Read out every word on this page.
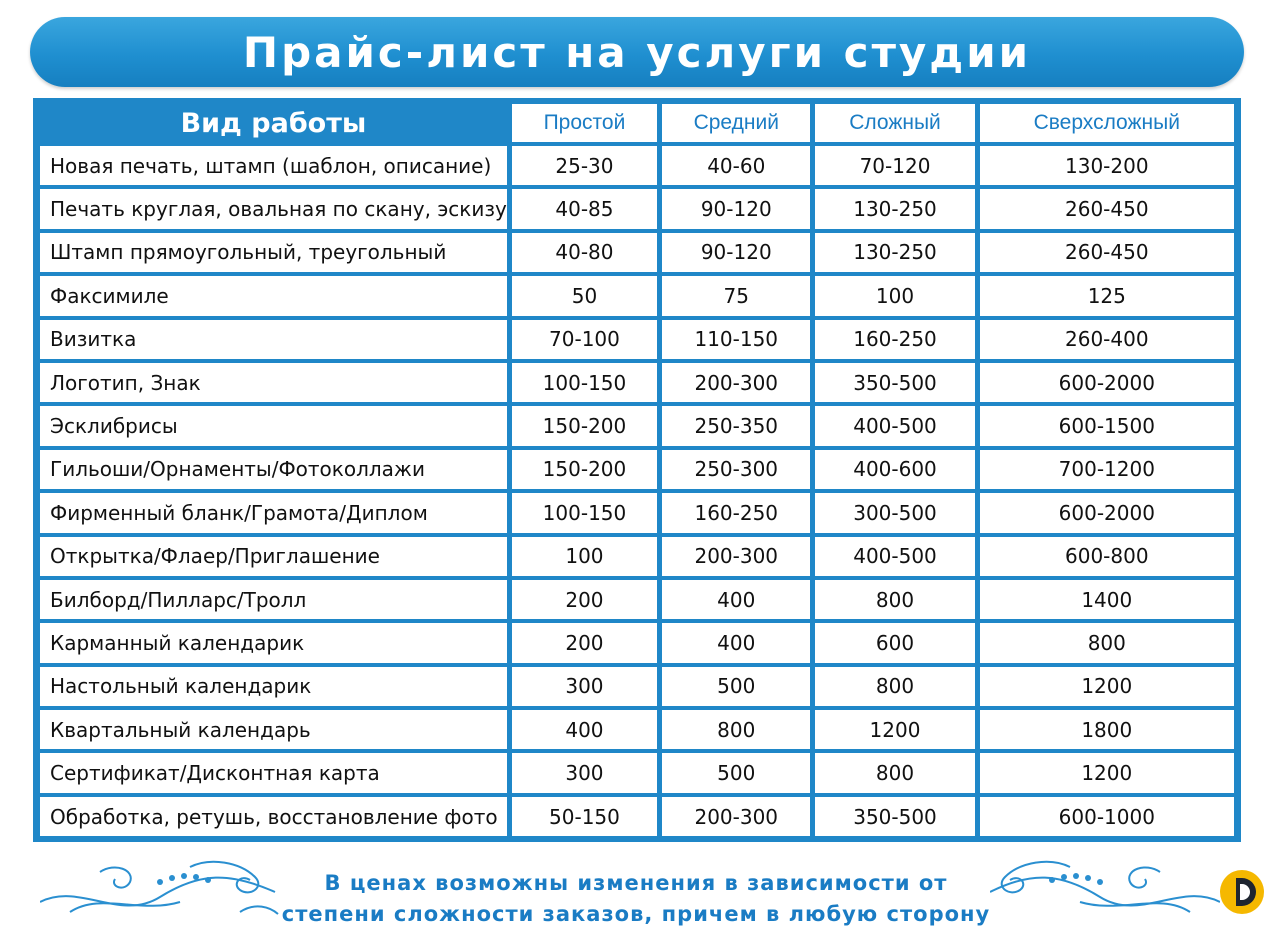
Прайс-лист на услуги студии
Вид работы	Простой	Средний	Сложный	Сверхсложный
Новая печать, штамп (шаблон, описание)	25-30	40-60	70-120	130-200
Печать круглая, овальная по скану, эскизу	40-85	90-120	130-250	260-450
Штамп прямоугольный, треугольный	40-80	90-120	130-250	260-450
Факсимиле	50	75	100	125
Визитка	70-100	110-150	160-250	260-400
Логотип, Знак	100-150	200-300	350-500	600-2000
Эсклибрисы	150-200	250-350	400-500	600-1500
Гильоши/Орнаменты/Фотоколлажи	150-200	250-300	400-600	700-1200
Фирменный бланк/Грамота/Диплом	100-150	160-250	300-500	600-2000
Открытка/Флаер/Приглашение	100	200-300	400-500	600-800
Билборд/Пилларс/Тролл	200	400	800	1400
Карманный календарик	200	400	600	800
Настольный календарик	300	500	800	1200
Квартальный календарь	400	800	1200	1800
Сертификат/Дисконтная карта	300	500	800	1200
Обработка, ретушь, восстановление фото	50-150	200-300	350-500	600-1000
В ценах возможны изменения в зависимости от
степени сложности заказов, причем в любую сторону
